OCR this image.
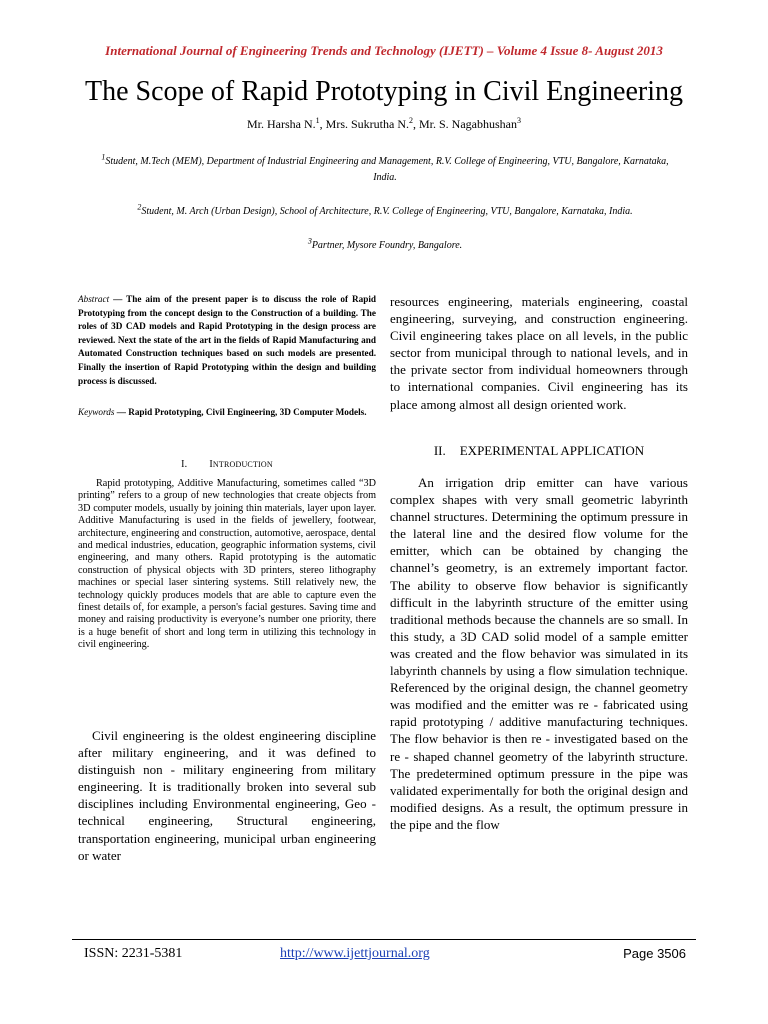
International Journal of Engineering Trends and Technology (IJETT) – Volume 4 Issue 8- August 2013
The Scope of Rapid Prototyping in Civil Engineering
Mr. Harsha N.$^1$, Mrs. Sukrutha N.$^2$, Mr. S. Nagabhushan$^3$
$^1$Student, M.Tech (MEM), Department of Industrial Engineering and Management, R.V. College of Engineering, VTU, Bangalore, Karnataka, India.
$^2$Student, M. Arch (Urban Design), School of Architecture, R.V. College of Engineering, VTU, Bangalore, Karnataka, India.
$^3$Partner, Mysore Foundry, Bangalore.
Abstract — The aim of the present paper is to discuss the role of Rapid Prototyping from the concept design to the Construction of a building. The roles of 3D CAD models and Rapid Prototyping in the design process are reviewed. Next the state of the art in the fields of Rapid Manufacturing and Automated Construction techniques based on such models are presented. Finally the insertion of Rapid Prototyping within the design and building process is discussed.
Keywords — Rapid Prototyping, Civil Engineering, 3D Computer Models.
I. INTRODUCTION
Rapid prototyping, Additive Manufacturing, sometimes called “3D printing” refers to a group of new technologies that create objects from 3D computer models, usually by joining thin materials, layer upon layer. Additive Manufacturing is used in the fields of jewellery, footwear, architecture, engineering and construction, automotive, aerospace, dental and medical industries, education, geographic information systems, civil engineering, and many others. Rapid prototyping is the automatic construction of physical objects with 3D printers, stereo lithography machines or special laser sintering systems. Still relatively new, the technology quickly produces models that are able to capture even the finest details of, for example, a person's facial gestures. Saving time and money and raising productivity is everyone’s number one priority, there is a huge benefit of short and long term in utilizing this technology in civil engineering.
Civil engineering is the oldest engineering discipline after military engineering, and it was defined to distinguish non - military engineering from military engineering. It is traditionally broken into several sub disciplines including Environmental engineering, Geo - technical engineering, Structural engineering, transportation engineering, municipal urban engineering or water
resources engineering, materials engineering, coastal engineering, surveying, and construction engineering. Civil engineering takes place on all levels, in the public sector from municipal through to national levels, and in the private sector from individual homeowners through to international companies. Civil engineering has its place among almost all design oriented work.
II. EXPERIMENTAL APPLICATION
An irrigation drip emitter can have various complex shapes with very small geometric labyrinth channel structures. Determining the optimum pressure in the lateral line and the desired flow volume for the emitter, which can be obtained by changing the channel’s geometry, is an extremely important factor. The ability to observe flow behavior is significantly difficult in the labyrinth structure of the emitter using traditional methods because the channels are so small. In this study, a 3D CAD solid model of a sample emitter was created and the flow behavior was simulated in its labyrinth channels by using a flow simulation technique. Referenced by the original design, the channel geometry was modified and the emitter was re - fabricated using rapid prototyping / additive manufacturing techniques. The flow behavior is then re - investigated based on the re - shaped channel geometry of the labyrinth structure. The predetermined optimum pressure in the pipe was validated experimentally for both the original design and modified designs. As a result, the optimum pressure in the pipe and the flow
ISSN: 2231-5381	http://www.ijettjournal.org	Page 3506
